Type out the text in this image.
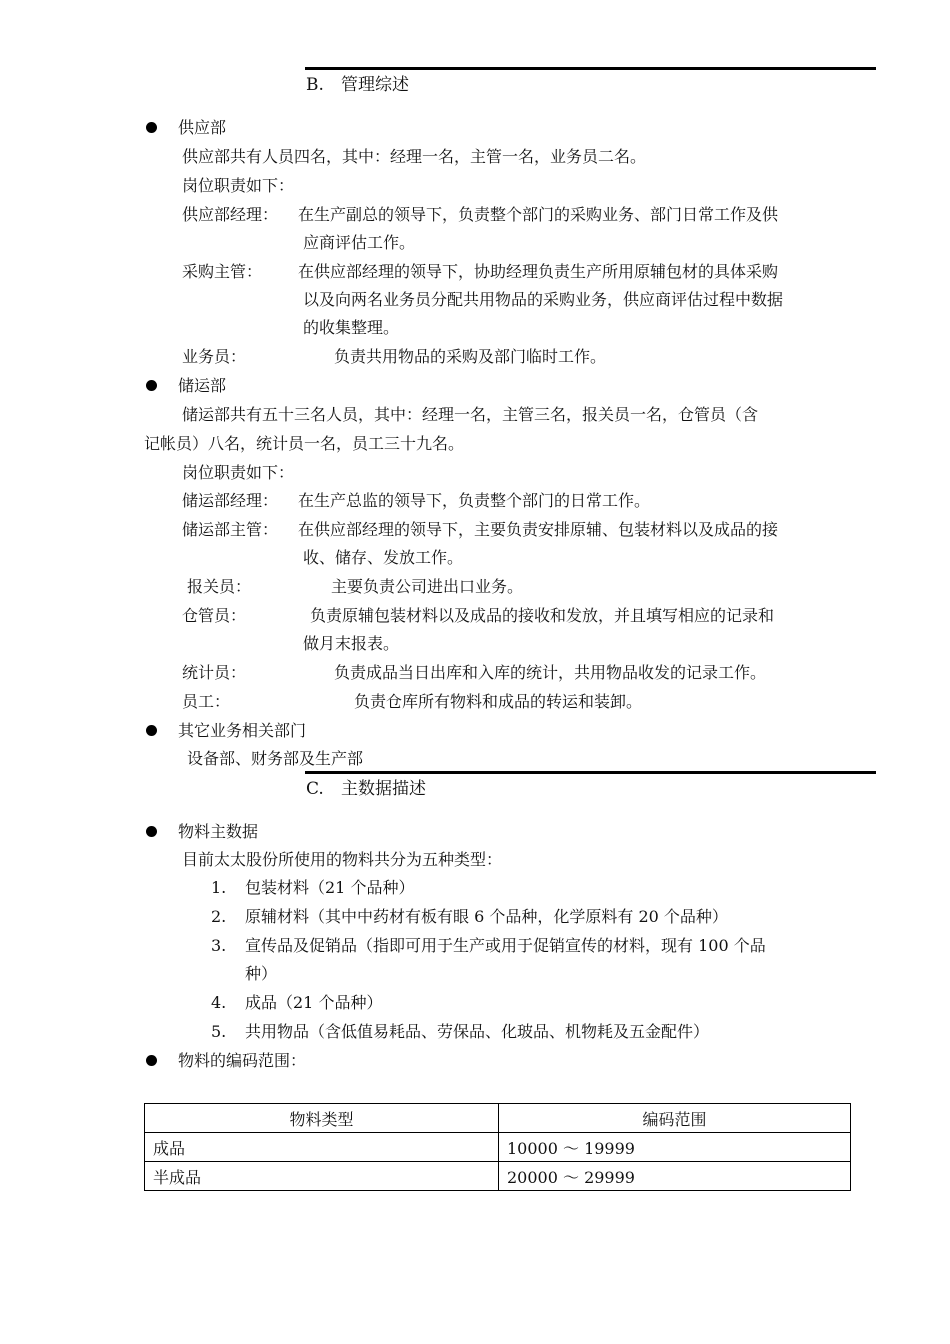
B. 管理综述
供应部
供应部共有人员四名，其中：经理一名，主管一名，业务员二名。
岗位职责如下：
供应部经理： 在生产副总的领导下，负责整个部门的采购业务、部门日常工作及供
应商评估工作。
采购主管： 在供应部经理的领导下，协助经理负责生产所用原辅包材的具体采购
以及向两名业务员分配共用物品的采购业务，供应商评估过程中数据
的收集整理。
业务员：	负责共用物品的采购及部门临时工作。
储运部
储运部共有五十三名人员，其中：经理一名，主管三名，报关员一名，仓管员（含
记帐员）八名，统计员一名，员工三十九名。
岗位职责如下：
储运部经理： 在生产总监的领导下，负责整个部门的日常工作。
储运部主管： 在供应部经理的领导下，主要负责安排原辅、包装材料以及成品的接
收、储存、发放工作。
报关员：	主要负责公司进出口业务。
仓管员：	负责原辅包装材料以及成品的接收和发放，并且填写相应的记录和
做月末报表。
统计员：	负责成品当日出库和入库的统计，共用物品收发的记录工作。
员工：	负责仓库所有物料和成品的转运和装卸。
其它业务相关部门
设备部、财务部及生产部
C. 主数据描述
物料主数据
目前太太股份所使用的物料共分为五种类型：
1. 包装材料（21 个品种）
2. 原辅材料（其中中药材有板有眼 6 个品种，化学原料有 20 个品种）
3. 宣传品及促销品（指即可用于生产或用于促销宣传的材料，现有 100 个品
种）
4. 成品（21 个品种）
5. 共用物品（含低值易耗品、劳保品、化玻品、机物耗及五金配件）
物料的编码范围：
物料类型	编码范围
成品	10000 ～ 19999
半成品	20000 ～ 29999
